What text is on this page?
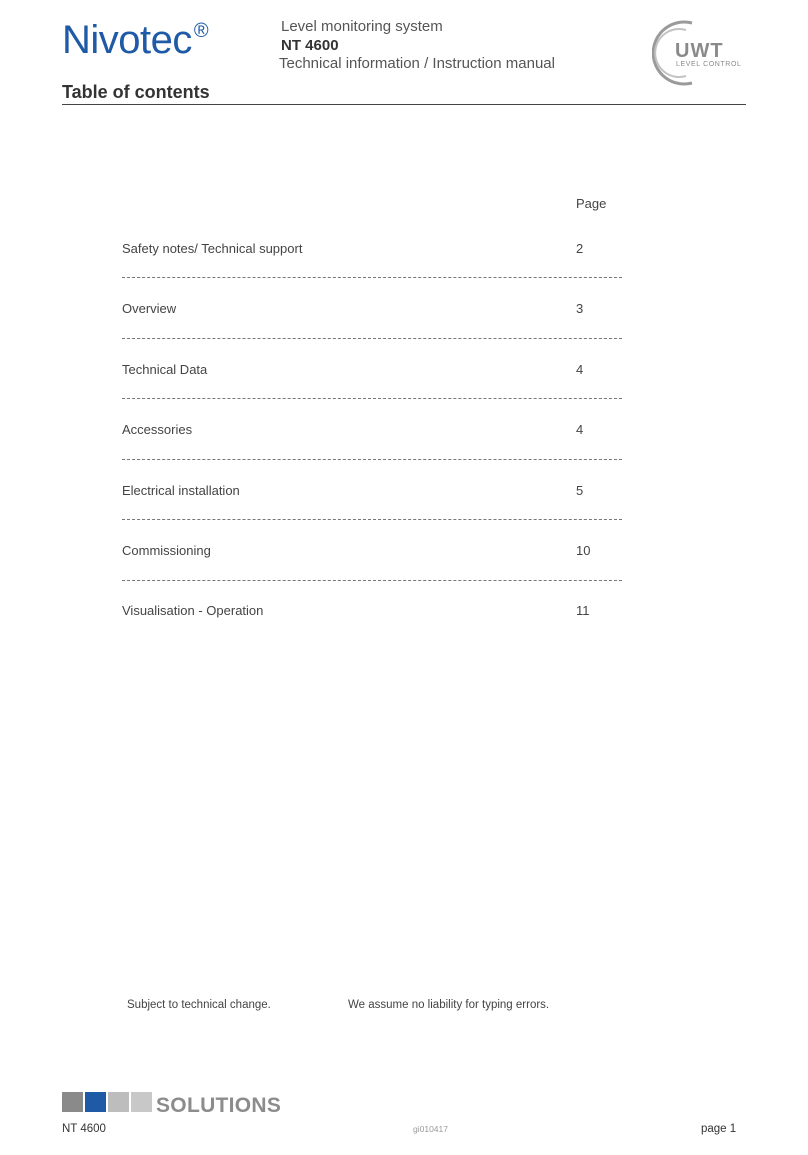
Nivotec ®	Level monitoring system
NT 4600
Technical information / Instruction manual
UWT
LEVEL CONTROL
Table of contents
Page
Safety notes/ Technical support	2
Overview	3
Technical Data	4
Accessories	4
Electrical installation	5
Commissioning	10
Visualisation - Operation	11
Subject to technical change.	We assume no liability for typing errors.
SOLUTIONS
NT 4600	gi010417	page 1
